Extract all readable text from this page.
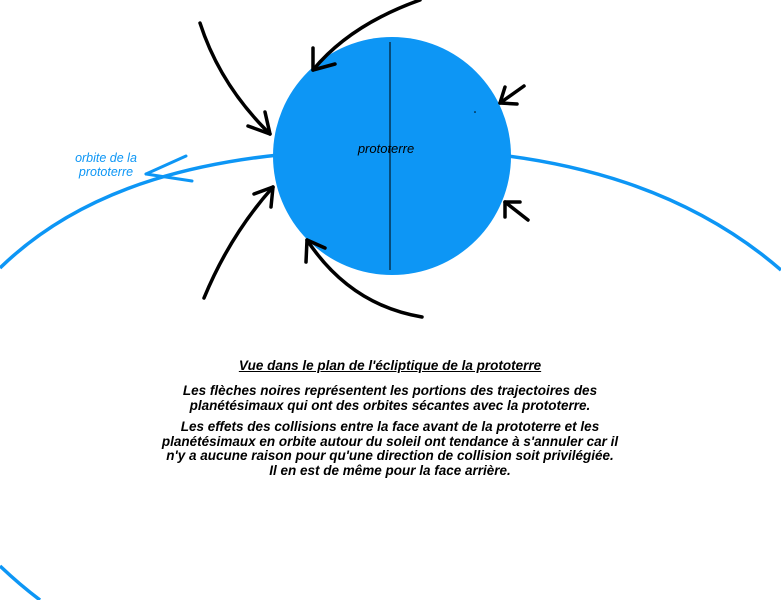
prototerre
orbite de la
prototerre
Vue dans le plan de l'écliptique de la prototerre
Les flèches noires représentent les portions des trajectoires des
planétésimaux qui ont des orbites sécantes avec la prototerre.
Les effets des collisions entre la face avant de la prototerre et les
planétésimaux en orbite autour du soleil ont tendance à s'annuler car il
n'y a aucune raison pour qu'une direction de collision soit privilégiée.
Il en est de même pour la face arrière.
